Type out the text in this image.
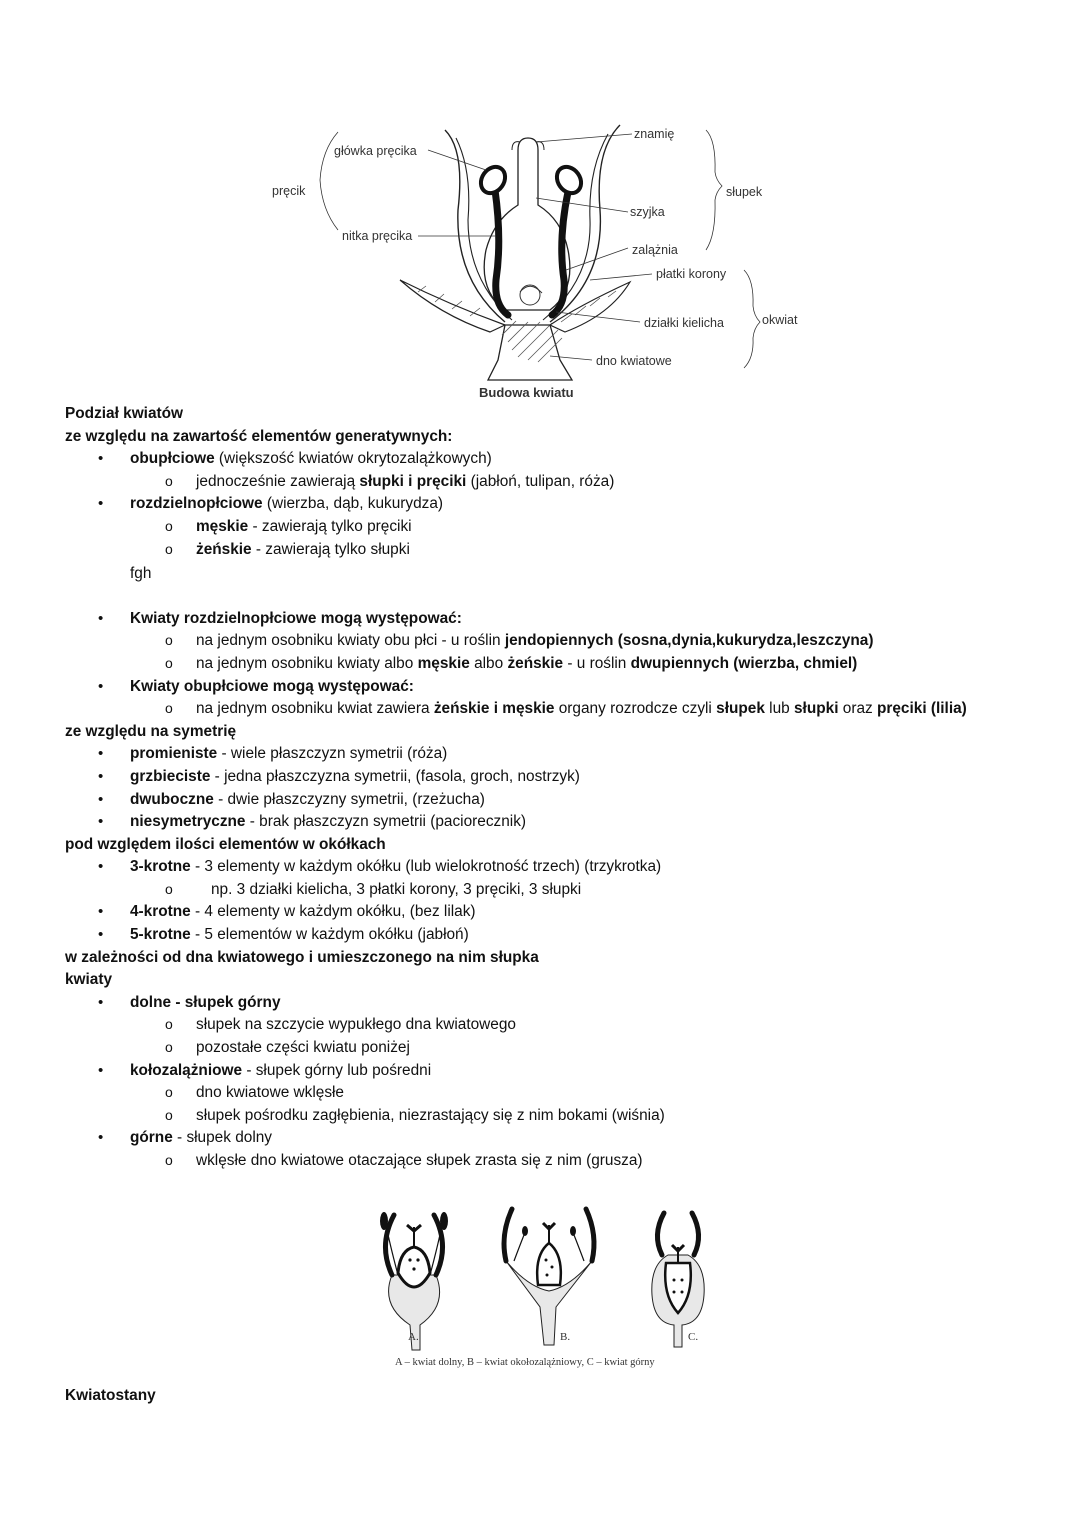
główka pręcika
pręcik
nitka pręcika
znamię
szyjka
zalążnia
słupek
płatki korony
działki kielicha	okwiat
dno kwiatowe
Budowa kwiatu
Podział kwiatów
ze względu na zawartość elementów generatywnych:
• obupłciowe (większość kwiatów okrytozalążkowych)
o jednocześnie zawierają słupki i pręciki (jabłoń, tulipan, róża)
• rozdzielnopłciowe (wierzba, dąb, kukurydza)
o męskie - zawierają tylko pręciki
o żeńskie - zawierają tylko słupki
fgh
• Kwiaty rozdzielnopłciowe mogą występować:
o na jednym osobniku kwiaty obu płci - u roślin jendopiennych (sosna,dynia,kukurydza,leszczyna)
o na jednym osobniku kwiaty albo męskie albo żeńskie - u roślin dwupiennych (wierzba, chmiel)
• Kwiaty obupłciowe mogą występować:
o na jednym osobniku kwiat zawiera żeńskie i męskie organy rozrodcze czyli słupek lub słupki oraz pręciki (lilia)
ze względu na symetrię
• promieniste - wiele płaszczyzn symetrii (róża)
• grzbieciste - jedna płaszczyzna symetrii, (fasola, groch, nostrzyk)
• dwuboczne - dwie płaszczyzny symetrii, (rzeżucha)
• niesymetryczne - brak płaszczyzn symetrii (paciorecznik)
pod względem ilości elementów w okółkach
• 3-krotne - 3 elementy w każdym okółku (lub wielokrotność trzech) (trzykrotka)
o np. 3 działki kielicha, 3 płatki korony, 3 pręciki, 3 słupki
• 4-krotne - 4 elementy w każdym okółku, (bez lilak)
• 5-krotne - 5 elementów w każdym okółku (jabłoń)
w zależności od dna kwiatowego i umieszczonego na nim słupka
kwiaty
• dolne - słupek górny
o słupek na szczycie wypukłego dna kwiatowego
o pozostałe części kwiatu poniżej
• kołozalążniowe - słupek górny lub pośredni
o dno kwiatowe wklęsłe
o słupek pośrodku zagłębienia, niezrastający się z nim bokami (wiśnia)
• górne - słupek dolny
o wklęsłe dno kwiatowe otaczające słupek zrasta się z nim (grusza)
A.	B.	C.
A – kwiat dolny, B – kwiat okołozalążniowy, C – kwiat górny
Kwiatostany
